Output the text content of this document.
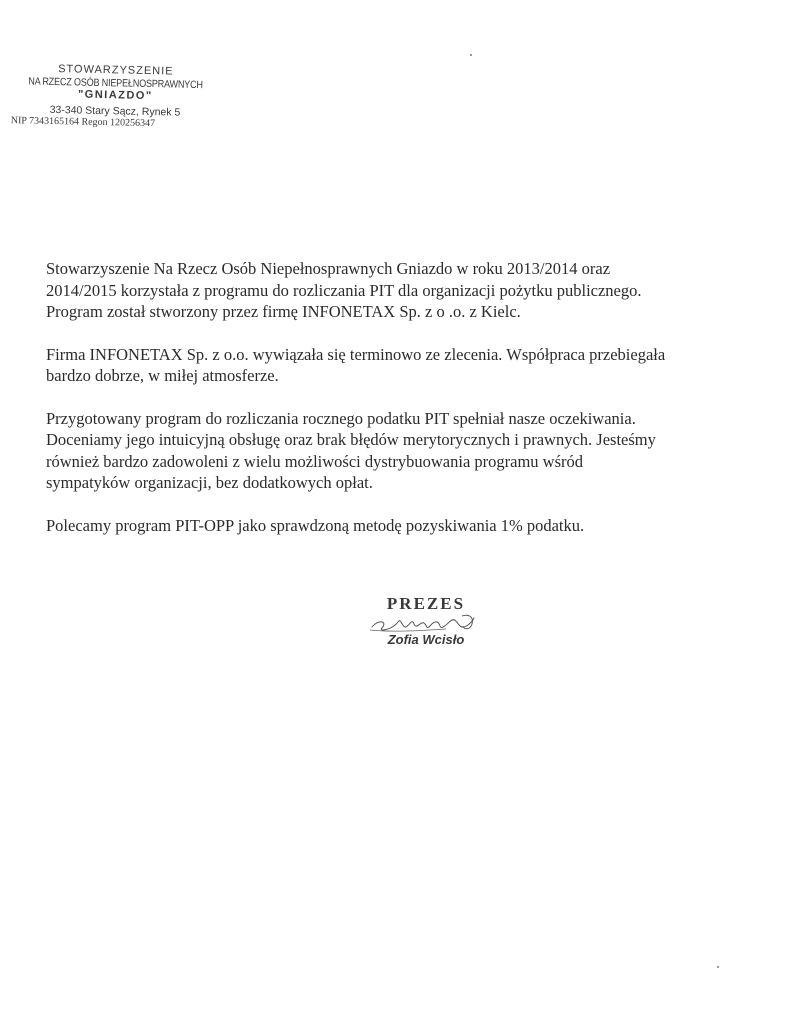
STOWARZYSZENIE
NA RZECZ OSÓB NIEPEŁNOSPRAWNYCH
"GNIAZDO"
33-340 Stary Sącz, Rynek 5
NIP 7343165164 Regon 120256347

Stowarzyszenie Na Rzecz Osób Niepełnosprawnych Gniazdo w roku 2013/2014 oraz
2014/2015 korzystała z programu do rozliczania PIT dla organizacji pożytku publicznego.
Program został stworzony przez firmę INFONETAX Sp. z o .o. z Kielc.

Firma INFONETAX Sp. z o.o. wywiązała się terminowo ze zlecenia. Współpraca przebiegała
bardzo dobrze, w miłej atmosferze.

Przygotowany program do rozliczania rocznego podatku PIT spełniał nasze oczekiwania.
Doceniamy jego intuicyjną obsługę oraz brak błędów merytorycznych i prawnych. Jesteśmy
również bardzo zadowoleni z wielu możliwości dystrybuowania programu wśród
sympatyków organizacji, bez dodatkowych opłat.

Polecamy program PIT-OPP jako sprawdzoną metodę pozyskiwania 1% podatku.

PREZES
Zofia Wcisło
